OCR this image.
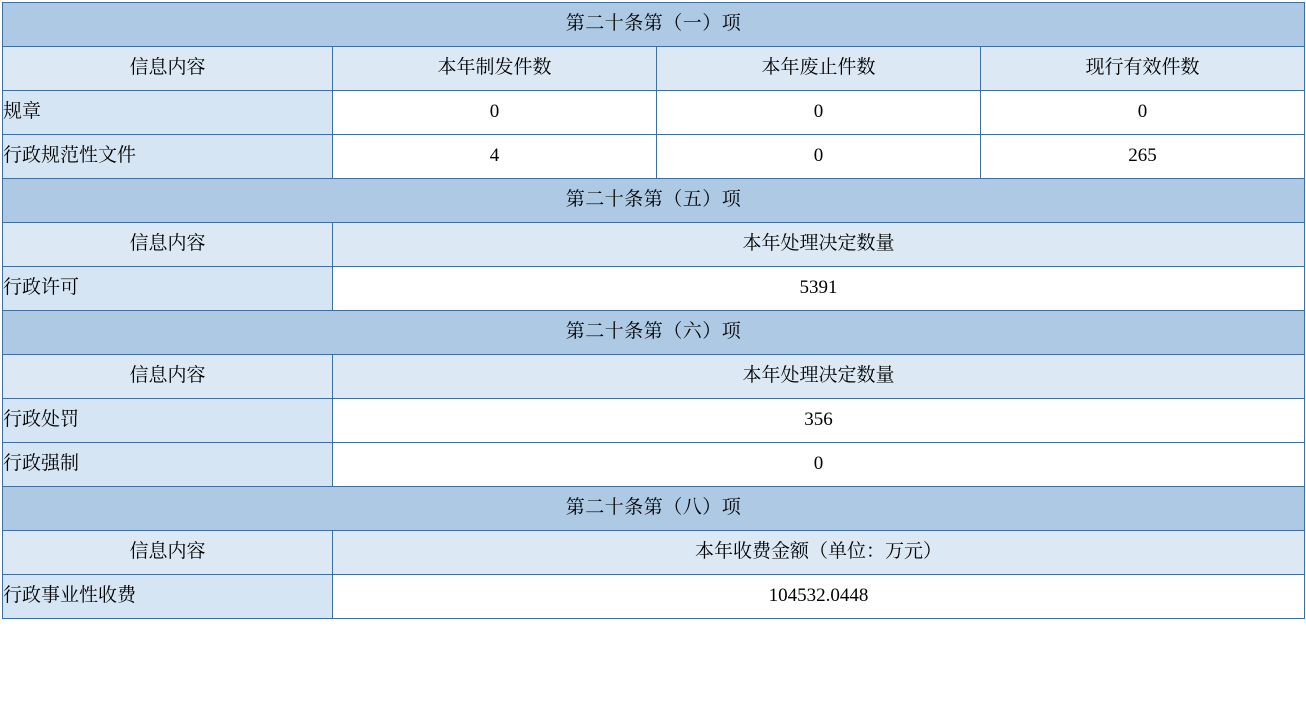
第二十条第（一）项			
信息内容	本年制发件数	本年废止件数	现行有效件数
规章	0	0	0
行政规范性文件	4	0	265
第二十条第（五）项			
信息内容	本年处理决定数量		
行政许可	5391		
第二十条第（六）项			
信息内容	本年处理决定数量		
行政处罚	356		
行政强制	0		
第二十条第（八）项			
信息内容	本年收费金额（单位：万元）		
行政事业性收费	104532.0448		
